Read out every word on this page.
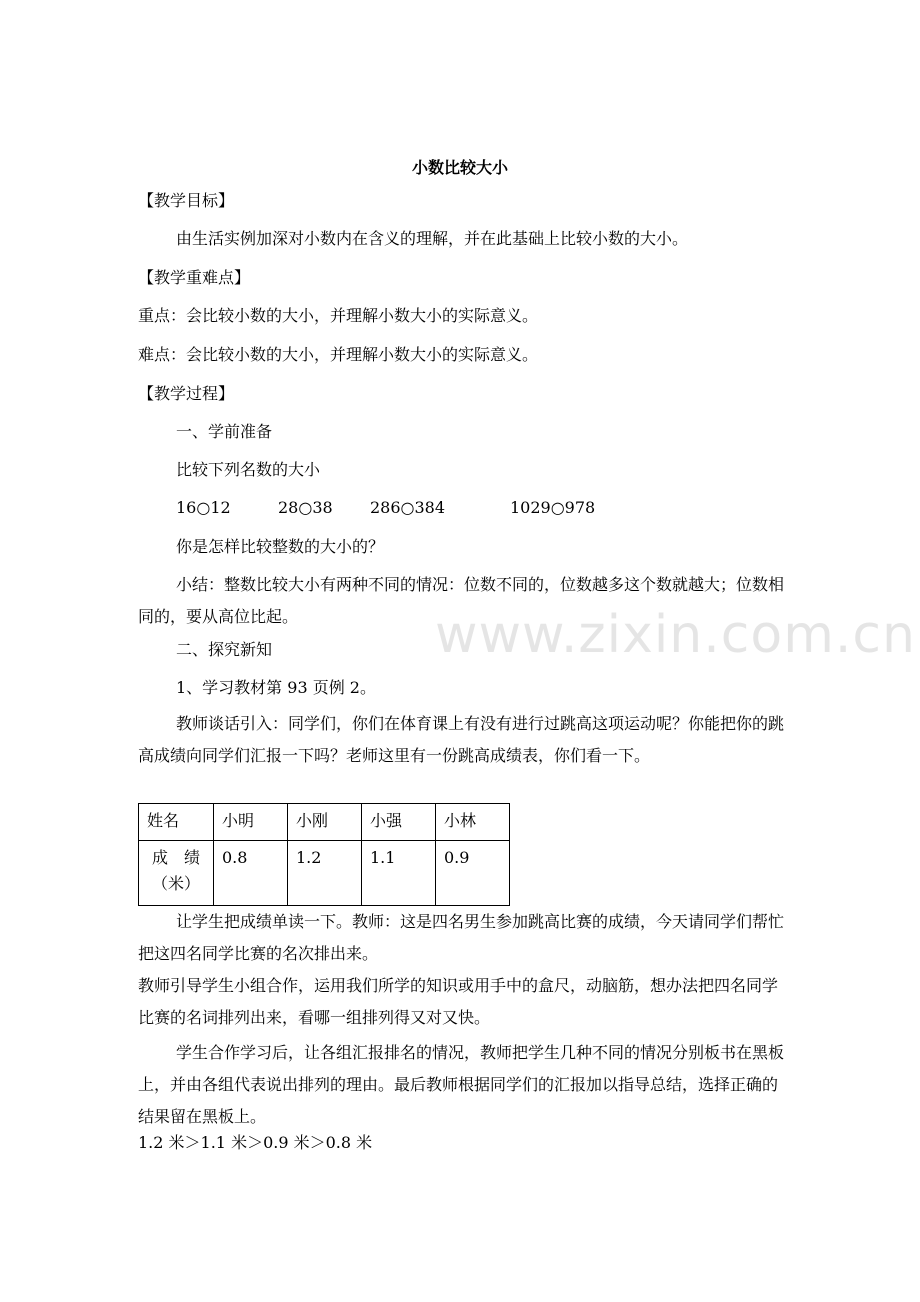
小数比较大小
【教学目标】
由生活实例加深对小数内在含义的理解，并在此基础上比较小数的大小。
【教学重难点】
重点：会比较小数的大小，并理解小数大小的实际意义。
难点：会比较小数的大小，并理解小数大小的实际意义。
【教学过程】
一、学前准备
比较下列名数的大小
16○12	28○38 286○384	1029○978
你是怎样比较整数的大小的？
小结：整数比较大小有两种不同的情况：位数不同的，位数越多这个数就越大；位数相同的，要从高位比起。
二、探究新知
1、学习教材第 93 页例 2。
教师谈话引入：同学们，你们在体育课上有没有进行过跳高这项运动呢？你能把你的跳高成绩向同学们汇报一下吗？老师这里有一份跳高成绩表，你们看一下。
姓名	小明	小刚	小强	小林
成　绩（米）	0.8	1.2	1.1	0.9
让学生把成绩单读一下。教师：这是四名男生参加跳高比赛的成绩，今天请同学们帮忙把这四名同学比赛的名次排出来。
教师引导学生小组合作，运用我们所学的知识或用手中的盒尺，动脑筋，想办法把四名同学比赛的名词排列出来，看哪一组排列得又对又快。
学生合作学习后，让各组汇报排名的情况，教师把学生几种不同的情况分别板书在黑板上，并由各组代表说出排列的理由。最后教师根据同学们的汇报加以指导总结，选择正确的结果留在黑板上。
1.2 米＞1.1 米＞0.9 米＞0.8 米
www.zixin.com.cn
